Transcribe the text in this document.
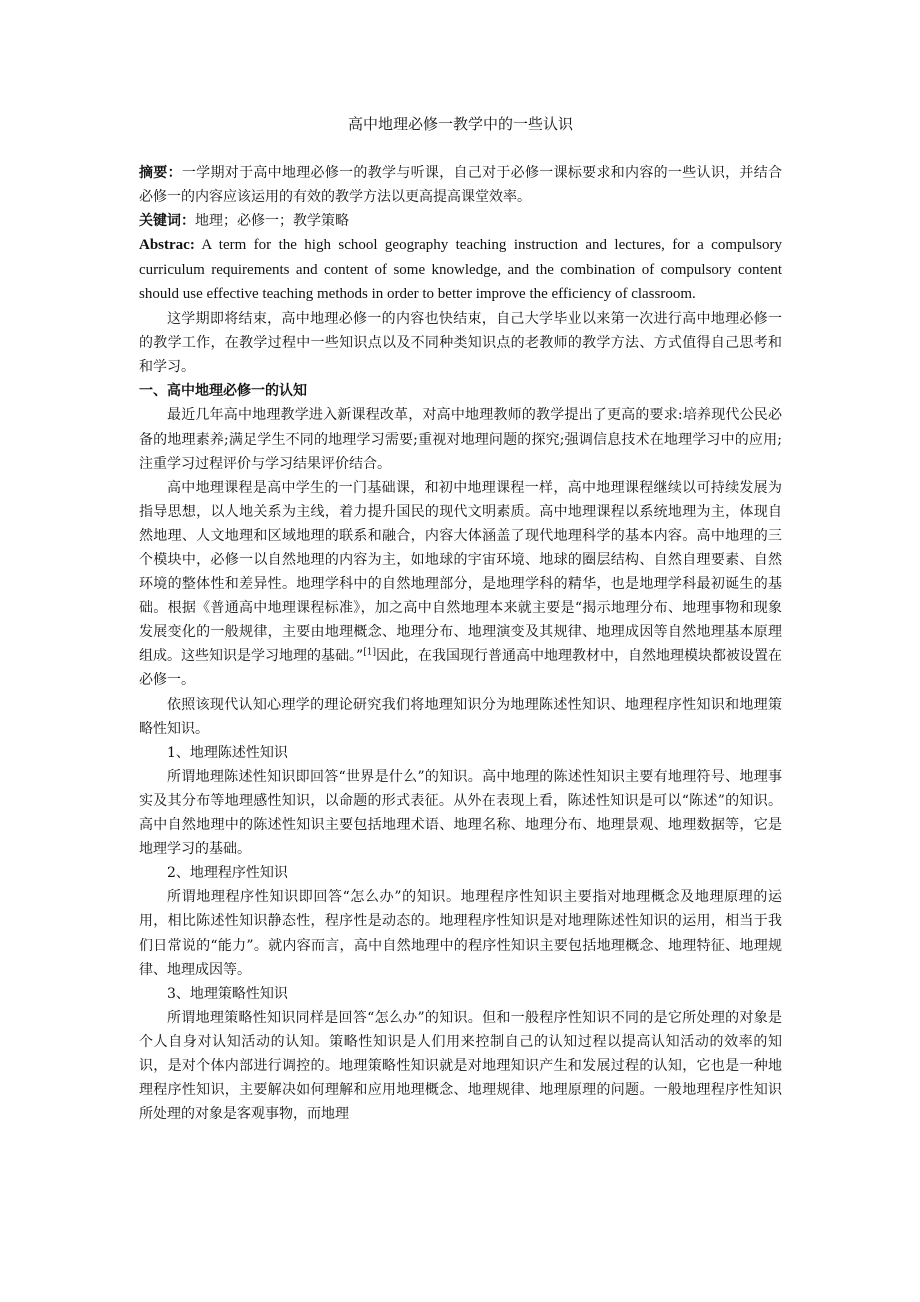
高中地理必修一教学中的一些认识

摘要：一学期对于高中地理必修一的教学与听课，自己对于必修一课标要求和内容的一些认识，并结合必修一的内容应该运用的有效的教学方法以更高提高课堂效率。

关键词：地理；必修一；教学策略

Abstrac: A term for the high school geography teaching instruction and lectures, for a compulsory curriculum requirements and content of some knowledge, and the combination of compulsory content should use effective teaching methods in order to better improve the efficiency of classroom.

这学期即将结束，高中地理必修一的内容也快结束，自己大学毕业以来第一次进行高中地理必修一的教学工作，在教学过程中一些知识点以及不同种类知识点的老教师的教学方法、方式值得自己思考和和学习。

一、高中地理必修一的认知

最近几年高中地理教学进入新课程改革，对高中地理教师的教学提出了更高的要求:培养现代公民必备的地理素养;满足学生不同的地理学习需要;重视对地理问题的探究;强调信息技术在地理学习中的应用;注重学习过程评价与学习结果评价结合。

高中地理课程是高中学生的一门基础课，和初中地理课程一样，高中地理课程继续以可持续发展为指导思想，以人地关系为主线，着力提升国民的现代文明素质。高中地理课程以系统地理为主，体现自然地理、人文地理和区域地理的联系和融合，内容大体涵盖了现代地理科学的基本内容。高中地理的三个模块中，必修一以自然地理的内容为主，如地球的宇宙环境、地球的圈层结构、自然自理要素、自然环境的整体性和差异性。地理学科中的自然地理部分，是地理学科的精华，也是地理学科最初诞生的基础。根据《普通高中地理课程标准》，加之高中自然地理本来就主要是“揭示地理分布、地理事物和现象发展变化的一般规律，主要由地理概念、地理分布、地理演变及其规律、地理成因等自然地理基本原理组成。这些知识是学习地理的基础。”[1]因此，在我国现行普通高中地理教材中，自然地理模块都被设置在必修一。

依照该现代认知心理学的理论研究我们将地理知识分为地理陈述性知识、地理程序性知识和地理策略性知识。

1、地理陈述性知识

所谓地理陈述性知识即回答“世界是什么”的知识。高中地理的陈述性知识主要有地理符号、地理事实及其分布等地理感性知识，以命题的形式表征。从外在表现上看，陈述性知识是可以“陈述”的知识。高中自然地理中的陈述性知识主要包括地理术语、地理名称、地理分布、地理景观、地理数据等，它是地理学习的基础。

2、地理程序性知识

所谓地理程序性知识即回答“怎么办”的知识。地理程序性知识主要指对地理概念及地理原理的运用，相比陈述性知识静态性，程序性是动态的。地理程序性知识是对地理陈述性知识的运用，相当于我们日常说的“能力”。就内容而言，高中自然地理中的程序性知识主要包括地理概念、地理特征、地理规律、地理成因等。

3、地理策略性知识

所谓地理策略性知识同样是回答“怎么办”的知识。但和一般程序性知识不同的是它所处理的对象是个人自身对认知活动的认知。策略性知识是人们用来控制自己的认知过程以提高认知活动的效率的知识，是对个体内部进行调控的。地理策略性知识就是对地理知识产生和发展过程的认知，它也是一种地理程序性知识，主要解决如何理解和应用地理概念、地理规律、地理原理的问题。一般地理程序性知识所处理的对象是客观事物，而地理
